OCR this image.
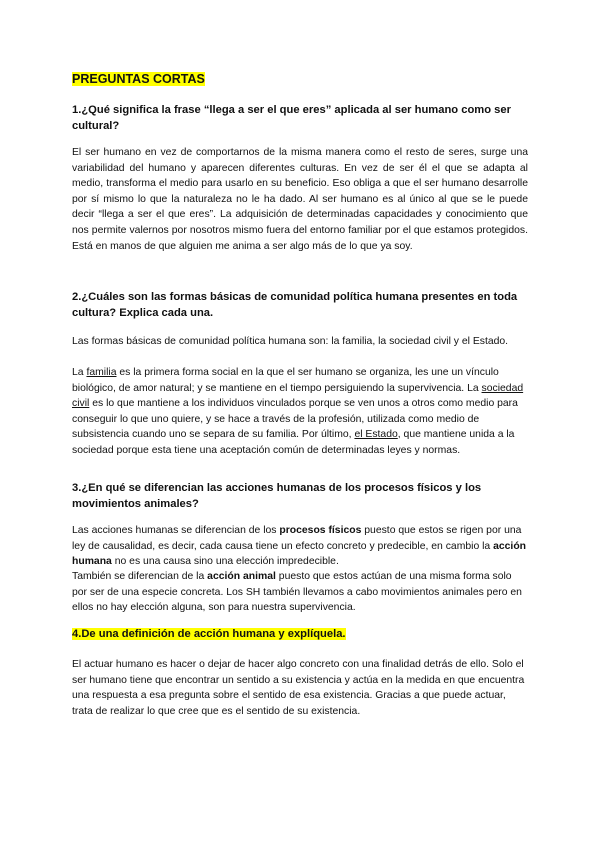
PREGUNTAS CORTAS
1.¿Qué significa la frase “llega a ser el que eres” aplicada al ser humano como ser cultural?
El ser humano en vez de comportarnos de la misma manera como el resto de seres, surge una variabilidad del humano y aparecen diferentes culturas. En vez de ser él el que se adapta al medio, transforma el medio para usarlo en su beneficio. Eso obliga a que el ser humano desarrolle por sí mismo lo que la naturaleza no le ha dado. Al ser humano es al único al que se le puede decir “llega a ser el que eres”. La adquisición de determinadas capacidades y conocimiento que nos permite valernos por nosotros mismo fuera del entorno familiar por el que estamos protegidos. Está en manos de que alguien me anima a ser algo más de lo que ya soy.
2.¿Cuáles son las formas básicas de comunidad política humana presentes en toda cultura? Explica cada una.
Las formas básicas de comunidad política humana son: la familia, la sociedad civil y el Estado.
La familia es la primera forma social en la que el ser humano se organiza, les une un vínculo biológico, de amor natural; y se mantiene en el tiempo persiguiendo la supervivencia. La sociedad civil es lo que mantiene a los individuos vinculados porque se ven unos a otros como medio para conseguir lo que uno quiere, y se hace a través de la profesión, utilizada como medio de subsistencia cuando uno se separa de su familia. Por último, el Estado, que mantiene unida a la sociedad porque esta tiene una aceptación común de determinadas leyes y normas.
3.¿En qué se diferencian las acciones humanas de los procesos físicos y los movimientos animales?
Las acciones humanas se diferencian de los procesos físicos puesto que estos se rigen por una ley de causalidad, es decir, cada causa tiene un efecto concreto y predecible, en cambio la acción humana no es una causa sino una elección impredecible.
También se diferencian de la acción animal puesto que estos actúan de una misma forma solo por ser de una especie concreta. Los SH también llevamos a cabo movimientos animales pero en ellos no hay elección alguna, son para nuestra supervivencia.
4.De una definición de acción humana y explíquela.
El actuar humano es hacer o dejar de hacer algo concreto con una finalidad detrás de ello. Solo el ser humano tiene que encontrar un sentido a su existencia y actúa en la medida en que encuentra una respuesta a esa pregunta sobre el sentido de esa existencia. Gracias a que puede actuar, trata de realizar lo que cree que es el sentido de su existencia.
